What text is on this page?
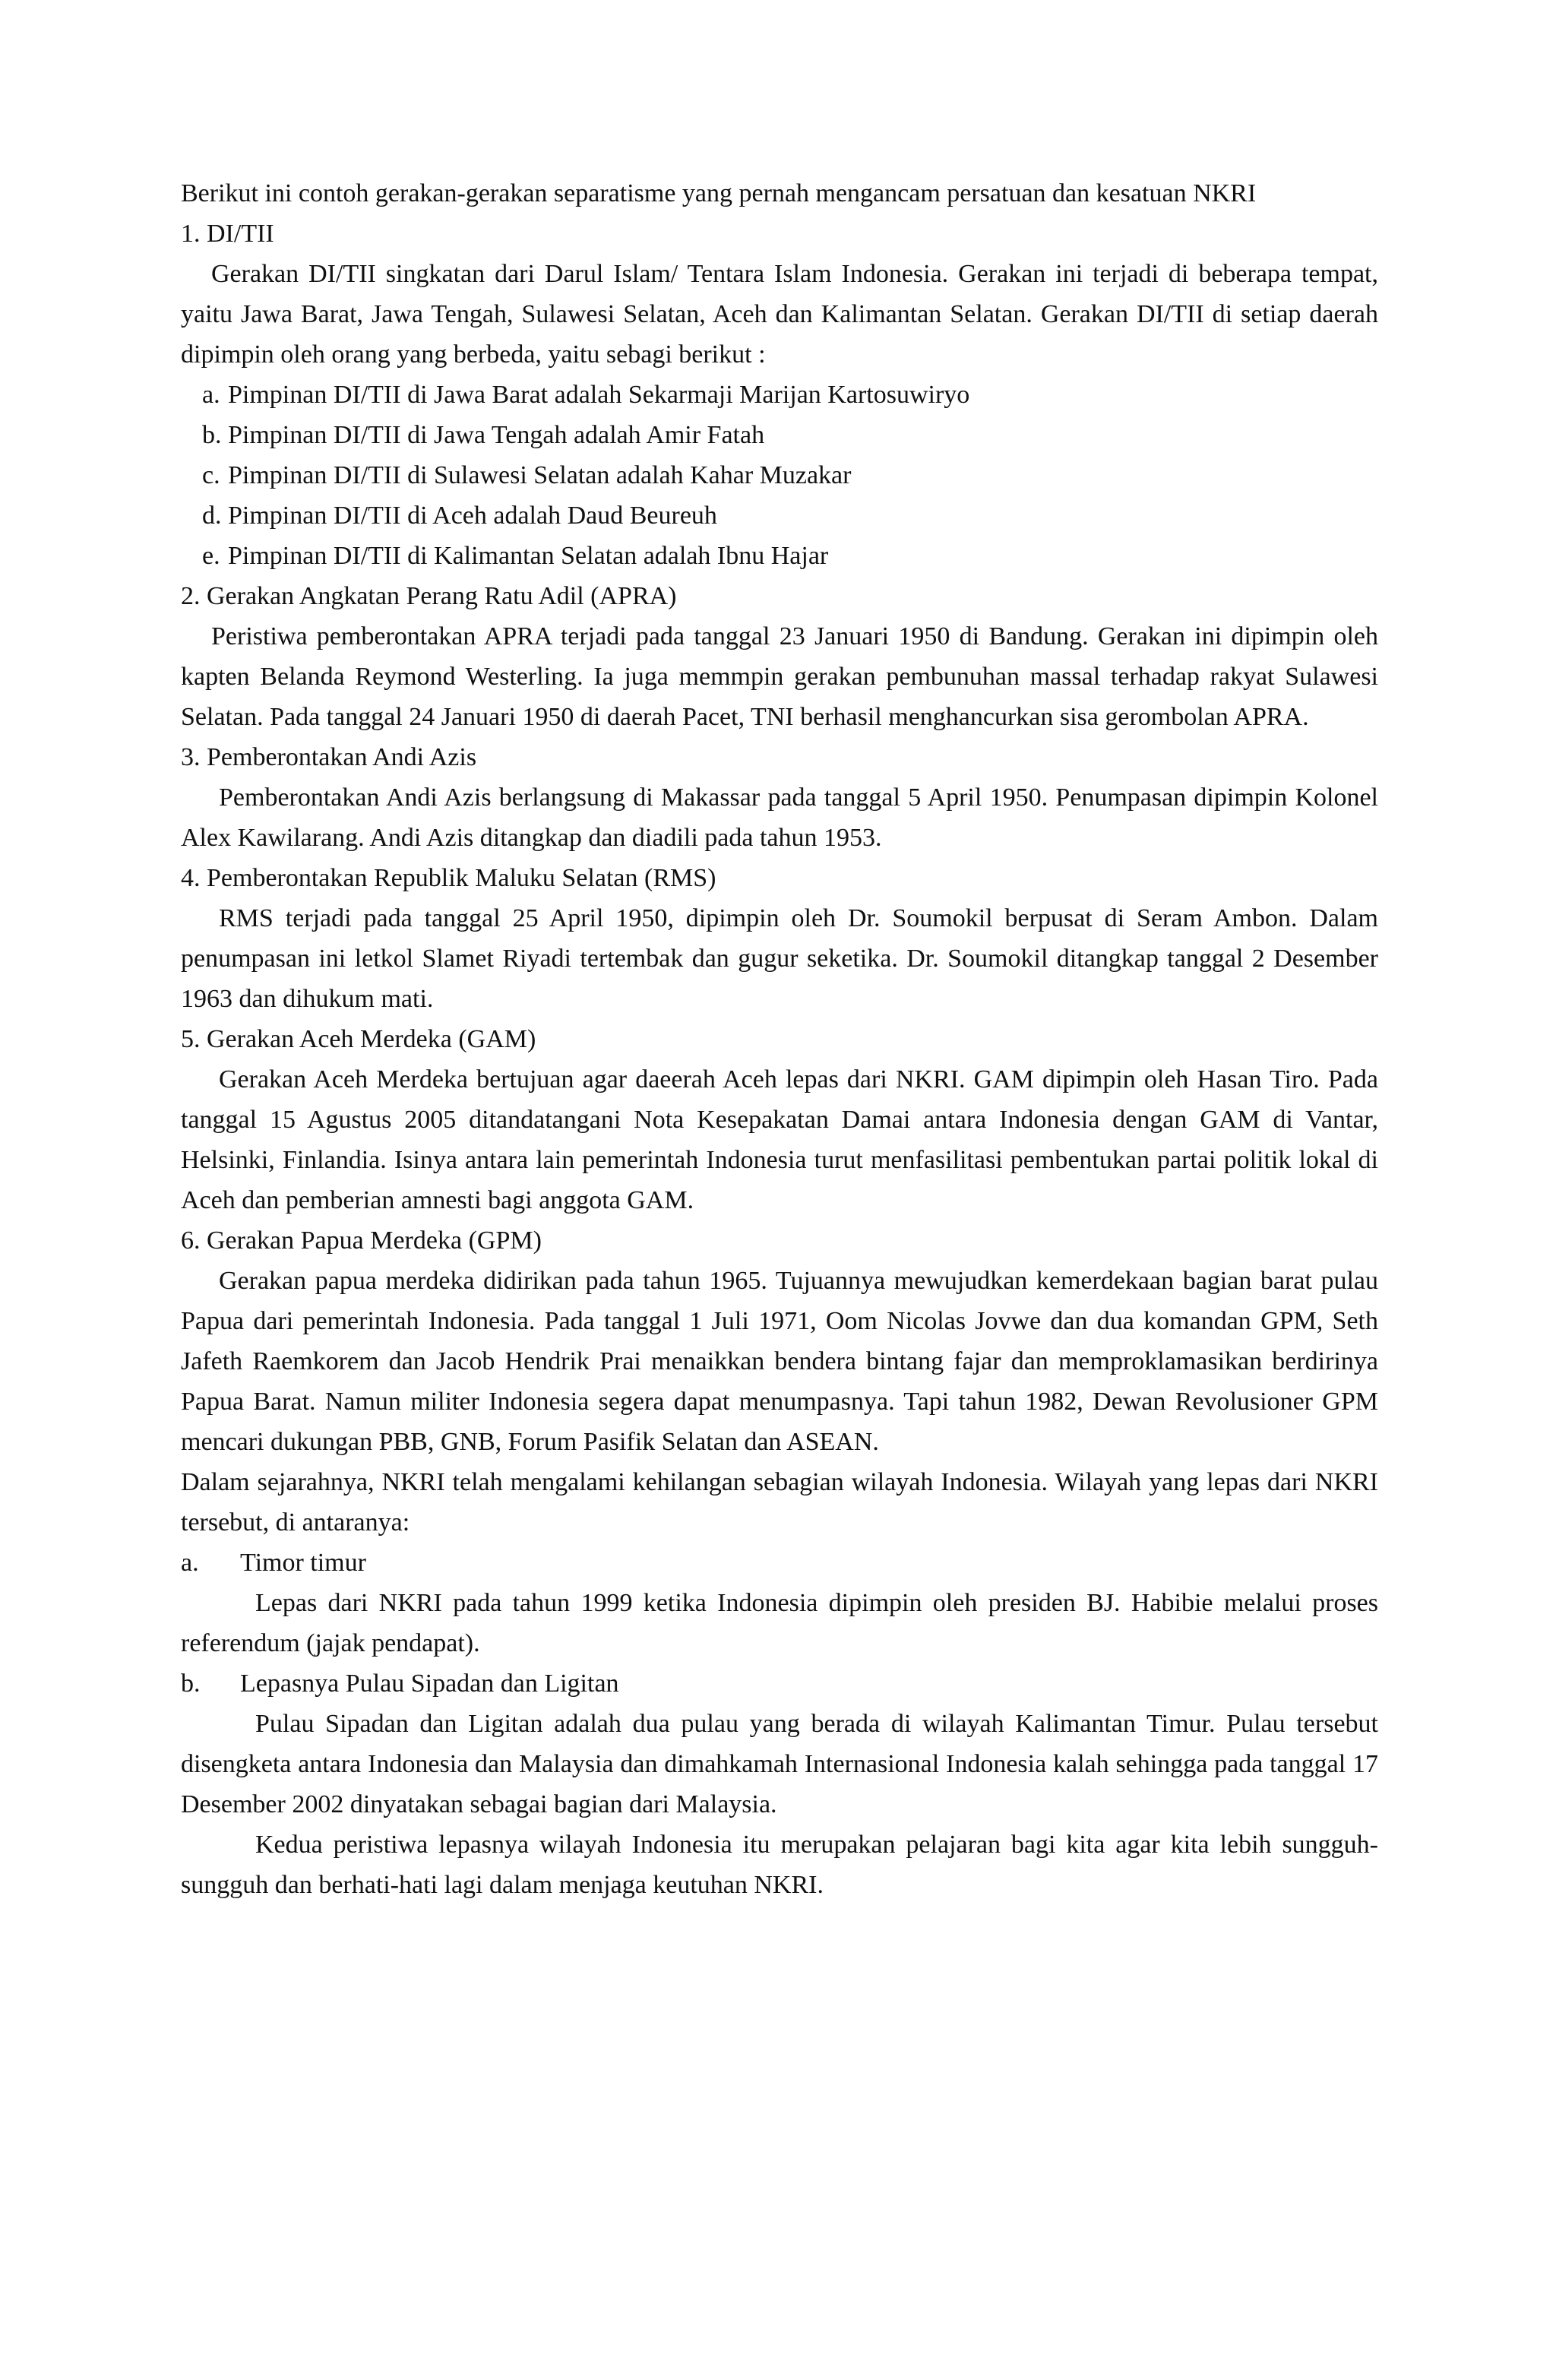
Berikut ini contoh gerakan-gerakan separatisme yang pernah mengancam persatuan dan kesatuan NKRI

1. DI/TII

Gerakan DI/TII singkatan dari Darul Islam/ Tentara Islam Indonesia. Gerakan ini terjadi di beberapa tempat, yaitu Jawa Barat, Jawa Tengah, Sulawesi Selatan, Aceh dan Kalimantan Selatan. Gerakan DI/TII di setiap daerah dipimpin oleh orang yang berbeda, yaitu sebagi berikut :

a. Pimpinan DI/TII di Jawa Barat adalah Sekarmaji Marijan Kartosuwiryo
b. Pimpinan DI/TII di Jawa Tengah adalah Amir Fatah
c. Pimpinan DI/TII di Sulawesi Selatan adalah Kahar Muzakar
d. Pimpinan DI/TII di Aceh adalah Daud Beureuh
e. Pimpinan DI/TII di Kalimantan Selatan adalah Ibnu Hajar

2. Gerakan Angkatan Perang Ratu Adil (APRA)

Peristiwa pemberontakan APRA terjadi pada tanggal 23 Januari 1950 di Bandung. Gerakan ini dipimpin oleh kapten Belanda Reymond Westerling. Ia juga memmpin gerakan pembunuhan massal terhadap rakyat Sulawesi Selatan. Pada tanggal 24 Januari 1950 di daerah Pacet, TNI berhasil menghancurkan sisa gerombolan APRA.

3. Pemberontakan Andi Azis

Pemberontakan Andi Azis berlangsung di Makassar pada tanggal 5 April 1950. Penumpasan dipimpin Kolonel Alex Kawilarang. Andi Azis ditangkap dan diadili pada tahun 1953.

4. Pemberontakan Republik Maluku Selatan (RMS)

RMS terjadi pada tanggal 25 April 1950, dipimpin oleh Dr. Soumokil berpusat di Seram Ambon. Dalam penumpasan ini letkol Slamet Riyadi tertembak dan gugur seketika. Dr. Soumokil ditangkap tanggal 2 Desember 1963 dan dihukum mati.

5. Gerakan Aceh Merdeka (GAM)

Gerakan Aceh Merdeka bertujuan agar daeerah Aceh lepas dari NKRI. GAM dipimpin oleh Hasan Tiro. Pada tanggal 15 Agustus 2005 ditandatangani Nota Kesepakatan Damai antara Indonesia dengan GAM di Vantar, Helsinki, Finlandia. Isinya antara lain pemerintah Indonesia turut menfasilitasi pembentukan partai politik lokal di Aceh dan pemberian amnesti bagi anggota GAM.

6. Gerakan Papua Merdeka (GPM)

Gerakan papua merdeka didirikan pada tahun 1965. Tujuannya mewujudkan kemerdekaan bagian barat pulau Papua dari pemerintah Indonesia. Pada tanggal 1 Juli 1971, Oom Nicolas Jovwe dan dua komandan GPM, Seth Jafeth Raemkorem dan Jacob Hendrik Prai menaikkan bendera bintang fajar dan memproklamasikan berdirinya Papua Barat. Namun militer Indonesia segera dapat menumpasnya. Tapi tahun 1982, Dewan Revolusioner GPM mencari dukungan PBB, GNB, Forum Pasifik Selatan dan ASEAN.

Dalam sejarahnya, NKRI telah mengalami kehilangan sebagian wilayah Indonesia. Wilayah yang lepas dari NKRI tersebut, di antaranya:

a. Timor timur

Lepas dari NKRI pada tahun 1999 ketika Indonesia dipimpin oleh presiden BJ. Habibie melalui proses referendum (jajak pendapat).

b. Lepasnya Pulau Sipadan dan Ligitan

Pulau Sipadan dan Ligitan adalah dua pulau yang berada di wilayah Kalimantan Timur. Pulau tersebut disengketa antara Indonesia dan Malaysia dan dimahkamah Internasional Indonesia kalah sehingga pada tanggal 17 Desember 2002 dinyatakan sebagai bagian dari Malaysia.

Kedua peristiwa lepasnya wilayah Indonesia itu merupakan pelajaran bagi kita agar kita lebih sungguh-sungguh dan berhati-hati lagi dalam menjaga keutuhan NKRI.
